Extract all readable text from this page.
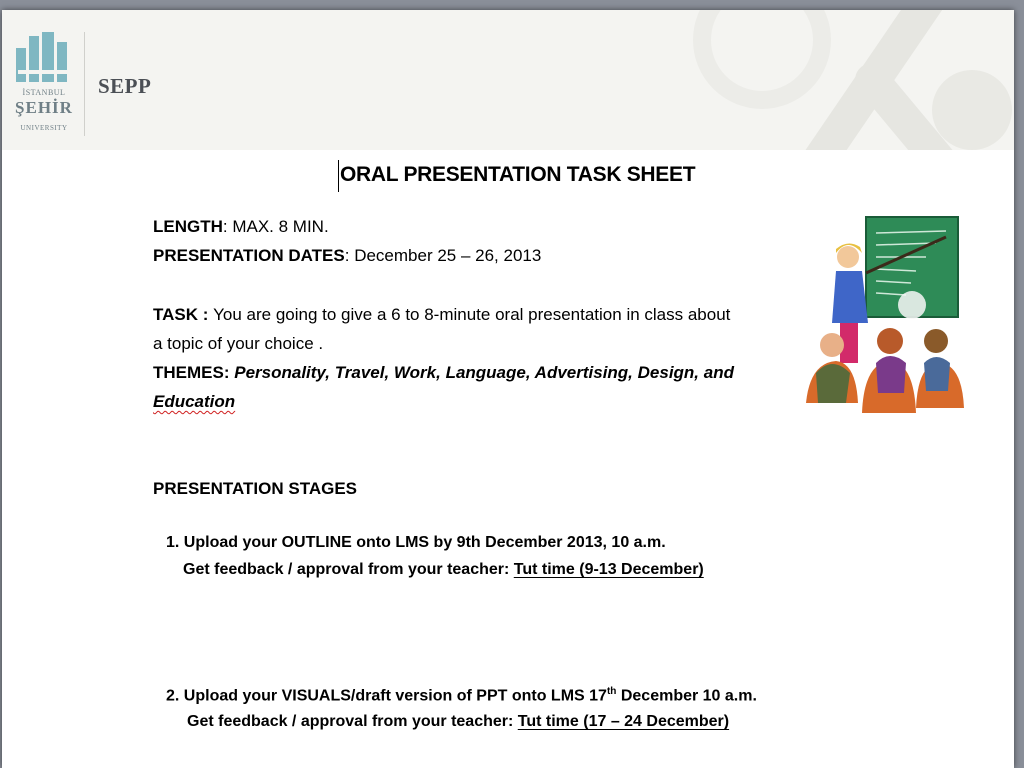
İSTANBUL
ŞEHİR
UNIVERSITY
SEPP
ORAL PRESENTATION TASK SHEET
LENGTH: MAX. 8 MIN.
PRESENTATION DATES: December 25 – 26, 2013
TASK : You are going to give a 6 to 8-minute oral presentation in class about
a topic of your choice .
THEMES: Personality, Travel, Work, Language, Advertising, Design, and
Education
PRESENTATION STAGES
1. Upload your OUTLINE onto LMS by 9th December 2013, 10 a.m.
Get feedback / approval from your teacher: Tut time (9-13 December)
2. Upload your VISUALS/draft version of PPT onto LMS 17th December 10 a.m.
Get feedback / approval from your teacher: Tut time (17 – 24 December)
